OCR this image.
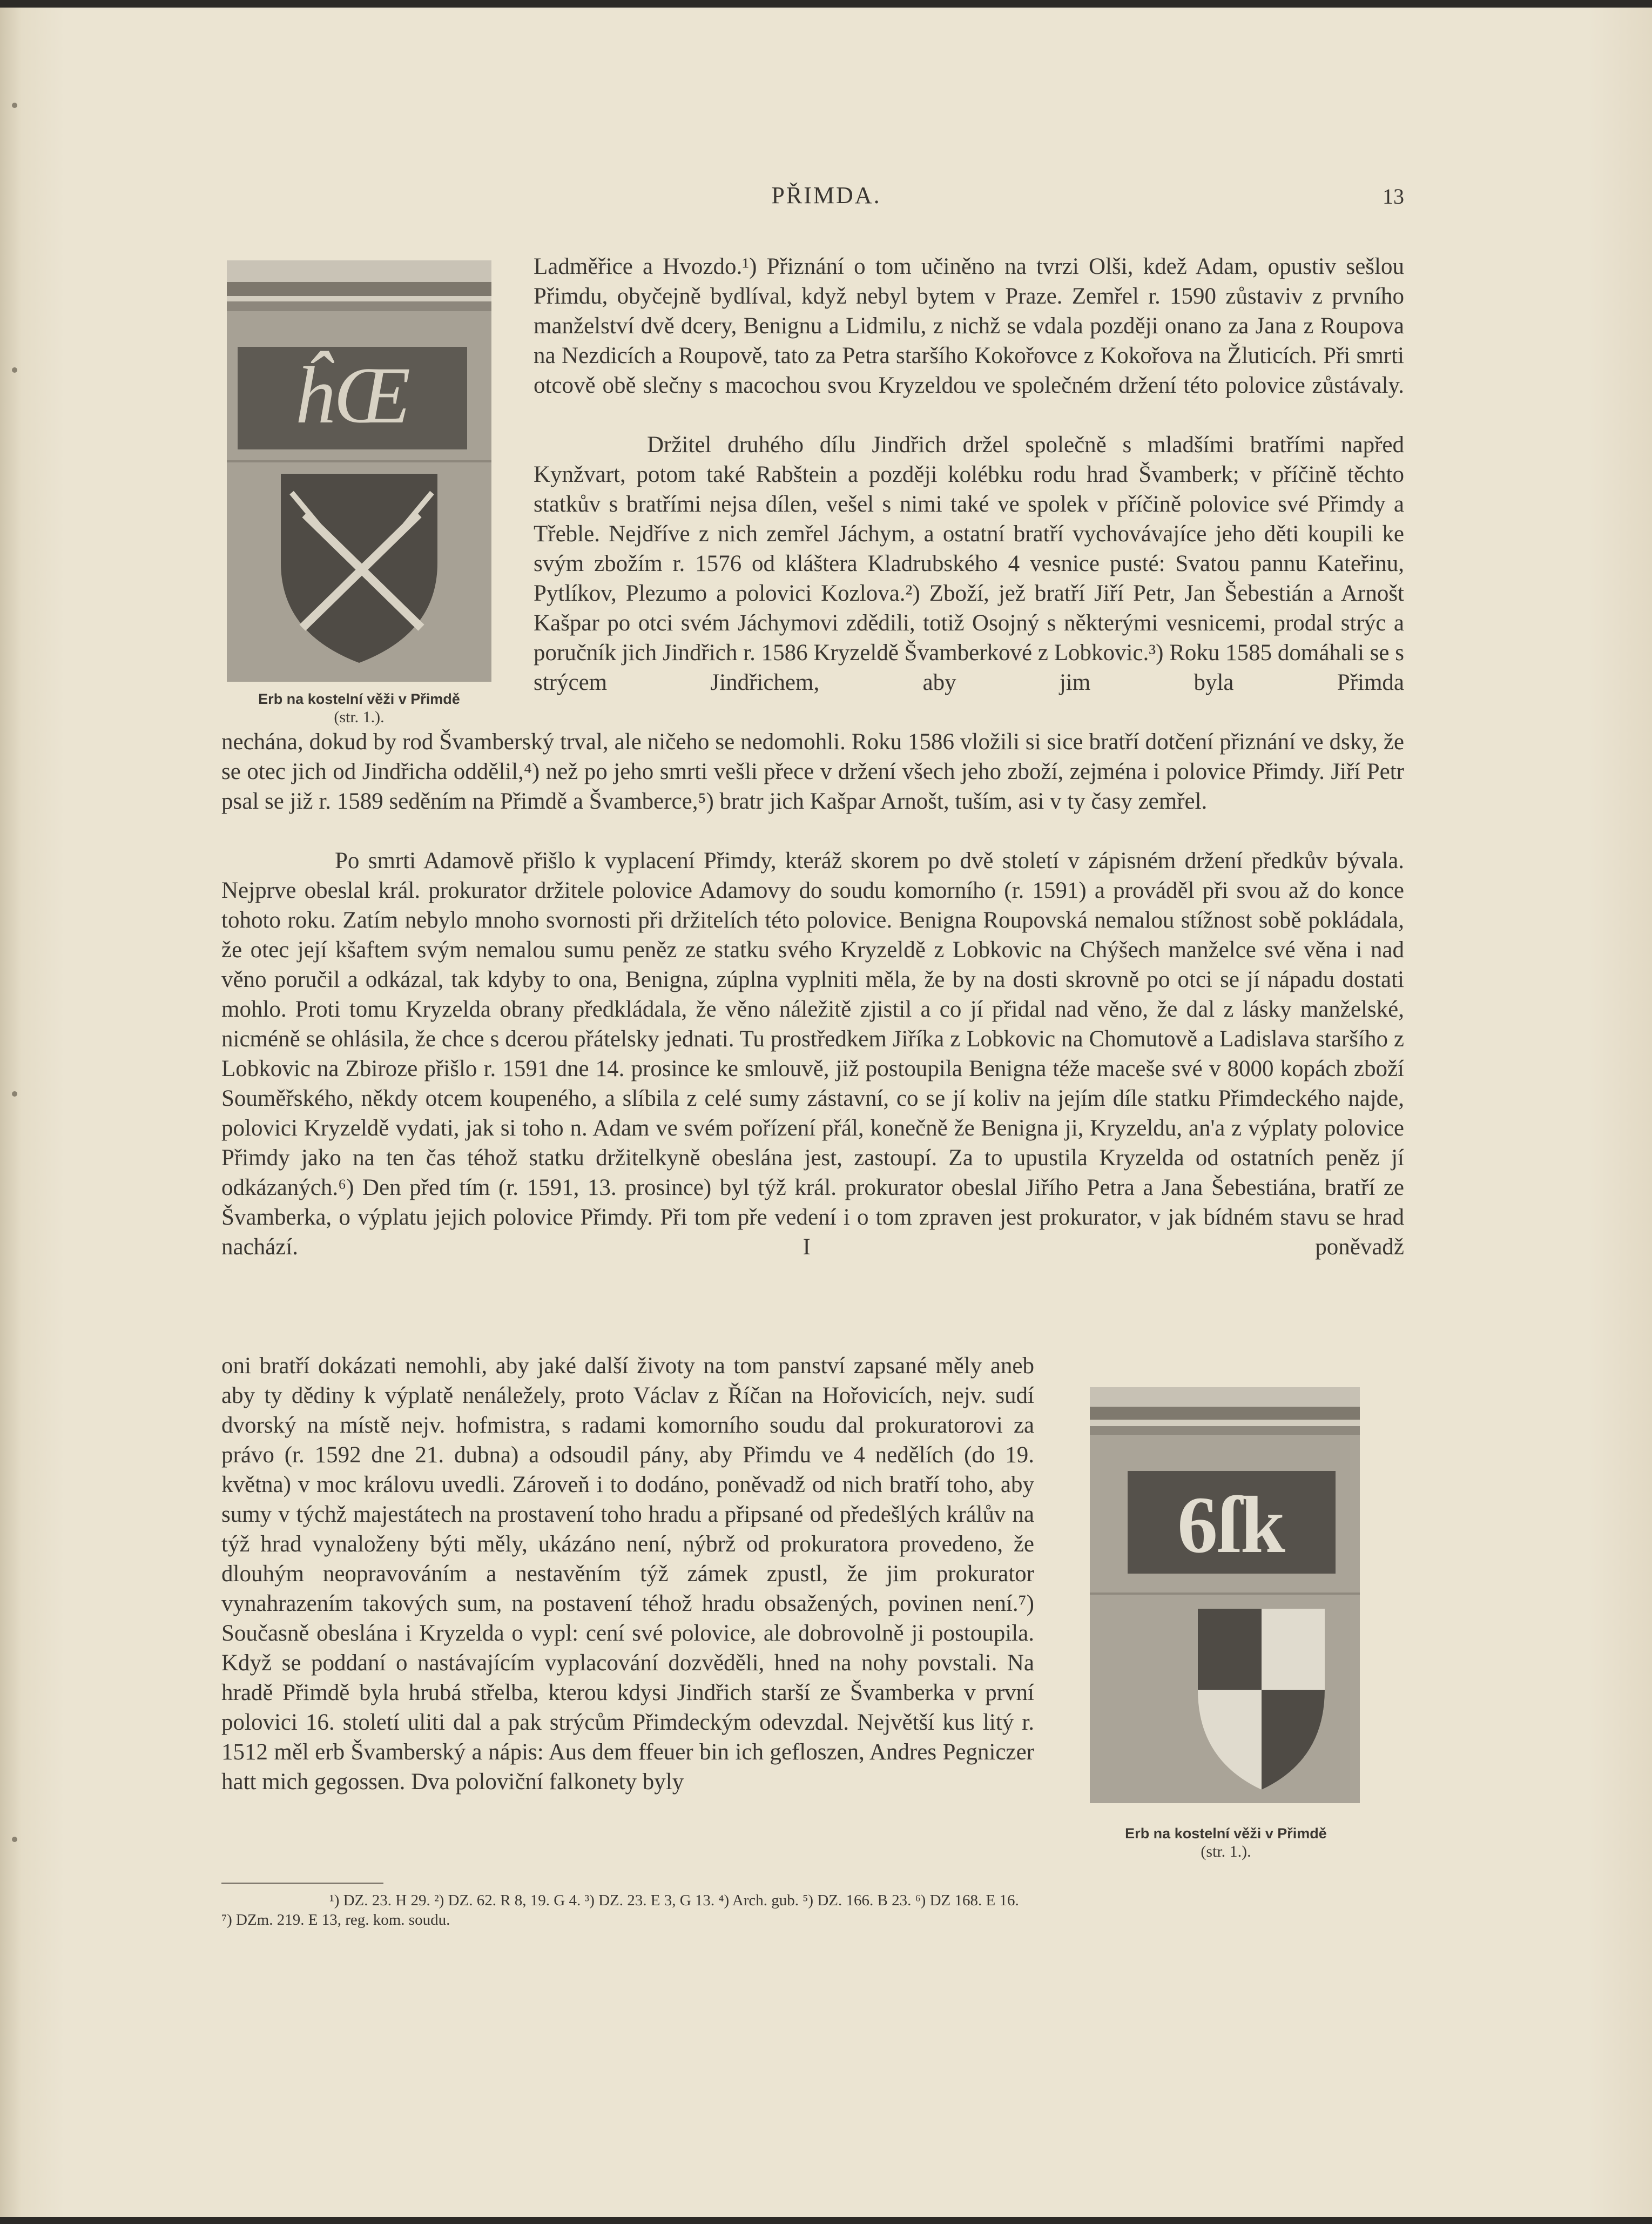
PŘIMDA.	13
ĥŒ
Erb na kostelní věži v Přimdě
(str. 1.).
6ſk
Erb na kostelní věži v Přimdě
(str. 1.).

Ladměřice a Hvozdo.¹) Přiznání o tom učiněno na tvrzi Olši, kdež Adam, opustiv sešlou Přimdu, obyčejně bydlíval, když nebyl bytem v Praze. Zemřel r. 1590 zůstaviv z prvního manželství dvě dcery, Benignu a Lidmilu, z nichž se vdala později onano za Jana z Roupova na Nezdicích a Roupově, tato za Petra staršího Kokořovce z Kokořova na Žluticích. Při smrti otcově obě slečny s macochou svou Kryzeldou ve společném držení této polovice zůstávaly.

Držitel druhého dílu Jindřich držel společně s mladšími bratřími napřed Kynžvart, potom také Rabštein a později kolébku rodu hrad Švamberk; v příčině těchto statkův s bratřími nejsa dílen, vešel s nimi také ve spolek v příčině polovice své Přimdy a Třeble. Nejdříve z nich zemřel Jáchym, a ostatní bratří vychovávajíce jeho děti koupili ke svým zbožím r. 1576 od kláštera Kladrubského 4 vesnice pusté: Svatou pannu Kateřinu, Pytlíkov, Plezumo a polovici Kozlova.²) Zboží, jež bratří Jiří Petr, Jan Šebestián a Arnošt Kašpar po otci svém Jáchymovi zdědili, totiž Osojný s některými vesnicemi, prodal strýc a poručník jich Jindřich r. 1586 Kryzeldě Švamberkové z Lobkovic.³) Roku 1585 domáhali se s strýcem Jindřichem, aby jim byla Přimda

nechána, dokud by rod Švamberský trval, ale ničeho se nedomohli. Roku 1586 vložili si sice bratří dotčení přiznání ve dsky, že se otec jich od Jindřicha oddělil,⁴) než po jeho smrti vešli přece v držení všech jeho zboží, zejména i polovice Přimdy. Jiří Petr psal se již r. 1589 seděním na Přimdě a Švamberce,⁵) bratr jich Kašpar Arnošt, tuším, asi v ty časy zemřel.

Po smrti Adamově přišlo k vyplacení Přimdy, kteráž skorem po dvě století v zápisném držení předkův bývala. Nejprve obeslal král. prokurator držitele polovice Adamovy do soudu komorního (r. 1591) a prováděl při svou až do konce tohoto roku. Zatím nebylo mnoho svornosti při držitelích této polovice. Benigna Roupovská nemalou stížnost sobě pokládala, že otec její kšaftem svým nemalou sumu peněz ze statku svého Kryzeldě z Lobkovic na Chýšech manželce své věna i nad věno poručil a odkázal, tak kdyby to ona, Benigna, zúplna vyplniti měla, že by na dosti skrovně po otci se jí nápadu dostati mohlo. Proti tomu Kryzelda obrany předkládala, že věno náležitě zjistil a co jí přidal nad věno, že dal z lásky manželské, nicméně se ohlásila, že chce s dcerou přátelsky jednati. Tu prostředkem Jiříka z Lobkovic na Chomutově a Ladislava staršího z Lobkovic na Zbiroze přišlo r. 1591 dne 14. prosince ke smlouvě, již postoupila Benigna téže maceše své v 8000 kopách zboží Souměřského, někdy otcem koupeného, a slíbila z celé sumy zástavní, co se jí koliv na jejím díle statku Přimdeckého najde, polovici Kryzeldě vydati, jak si toho n. Adam ve svém pořízení přál, konečně že Benigna ji, Kryzeldu, an'a z výplaty polovice Přimdy jako na ten čas téhož statku držitelkyně obeslána jest, zastoupí. Za to upustila Kryzelda od ostatních peněz jí odkázaných.⁶) Den před tím (r. 1591, 13. prosince) byl týž král. prokurator obeslal Jiřího Petra a Jana Šebestiána, bratří ze Švamberka, o výplatu jejich polovice Přimdy. Při tom pře vedení i o tom zpraven jest prokurator, v jak bídném stavu se hrad nachází. I poněvadž

oni bratří dokázati nemohli, aby jaké další životy na tom panství zapsané měly aneb aby ty dědiny k výplatě nenáležely, proto Václav z Říčan na Hořovicích, nejv. sudí dvorský na místě nejv. hofmistra, s radami komorního soudu dal prokuratorovi za právo (r. 1592 dne 21. dubna) a odsoudil pány, aby Přimdu ve 4 nedělích (do 19. května) v moc královu uvedli. Zároveň i to dodáno, poněvadž od nich bratří toho, aby sumy v týchž majestátech na prostavení toho hradu a připsané od předešlých králův na týž hrad vynaloženy býti měly, ukázáno není, nýbrž od prokuratora provedeno, že dlouhým neopravováním a nestavěním týž zámek zpustl, že jim prokurator vynahrazením takových sum, na postavení téhož hradu obsažených, povinen není.⁷) Současně obeslána i Kryzelda o vypl: cení své polovice, ale dobrovolně ji postoupila. Když se poddaní o nastávajícím vyplacování dozvěděli, hned na nohy povstali. Na hradě Přimdě byla hrubá střelba, kterou kdysi Jindřich starší ze Švamberka v první polovici 16. století uliti dal a pak strýcům Přimdeckým odevzdal. Největší kus litý r. 1512 měl erb Švamberský a nápis: Aus dem ffeuer bin ich gefloszen, Andres Pegniczer hatt mich gegossen. Dva poloviční falkonety byly

¹) DZ. 23. H 29. ²) DZ. 62. R 8, 19. G 4. ³) DZ. 23. E 3, G 13. ⁴) Arch. gub. ⁵) DZ. 166. B 23. ⁶) DZ 168. E 16.

⁷) DZm. 219. E 13, reg. kom. soudu.
